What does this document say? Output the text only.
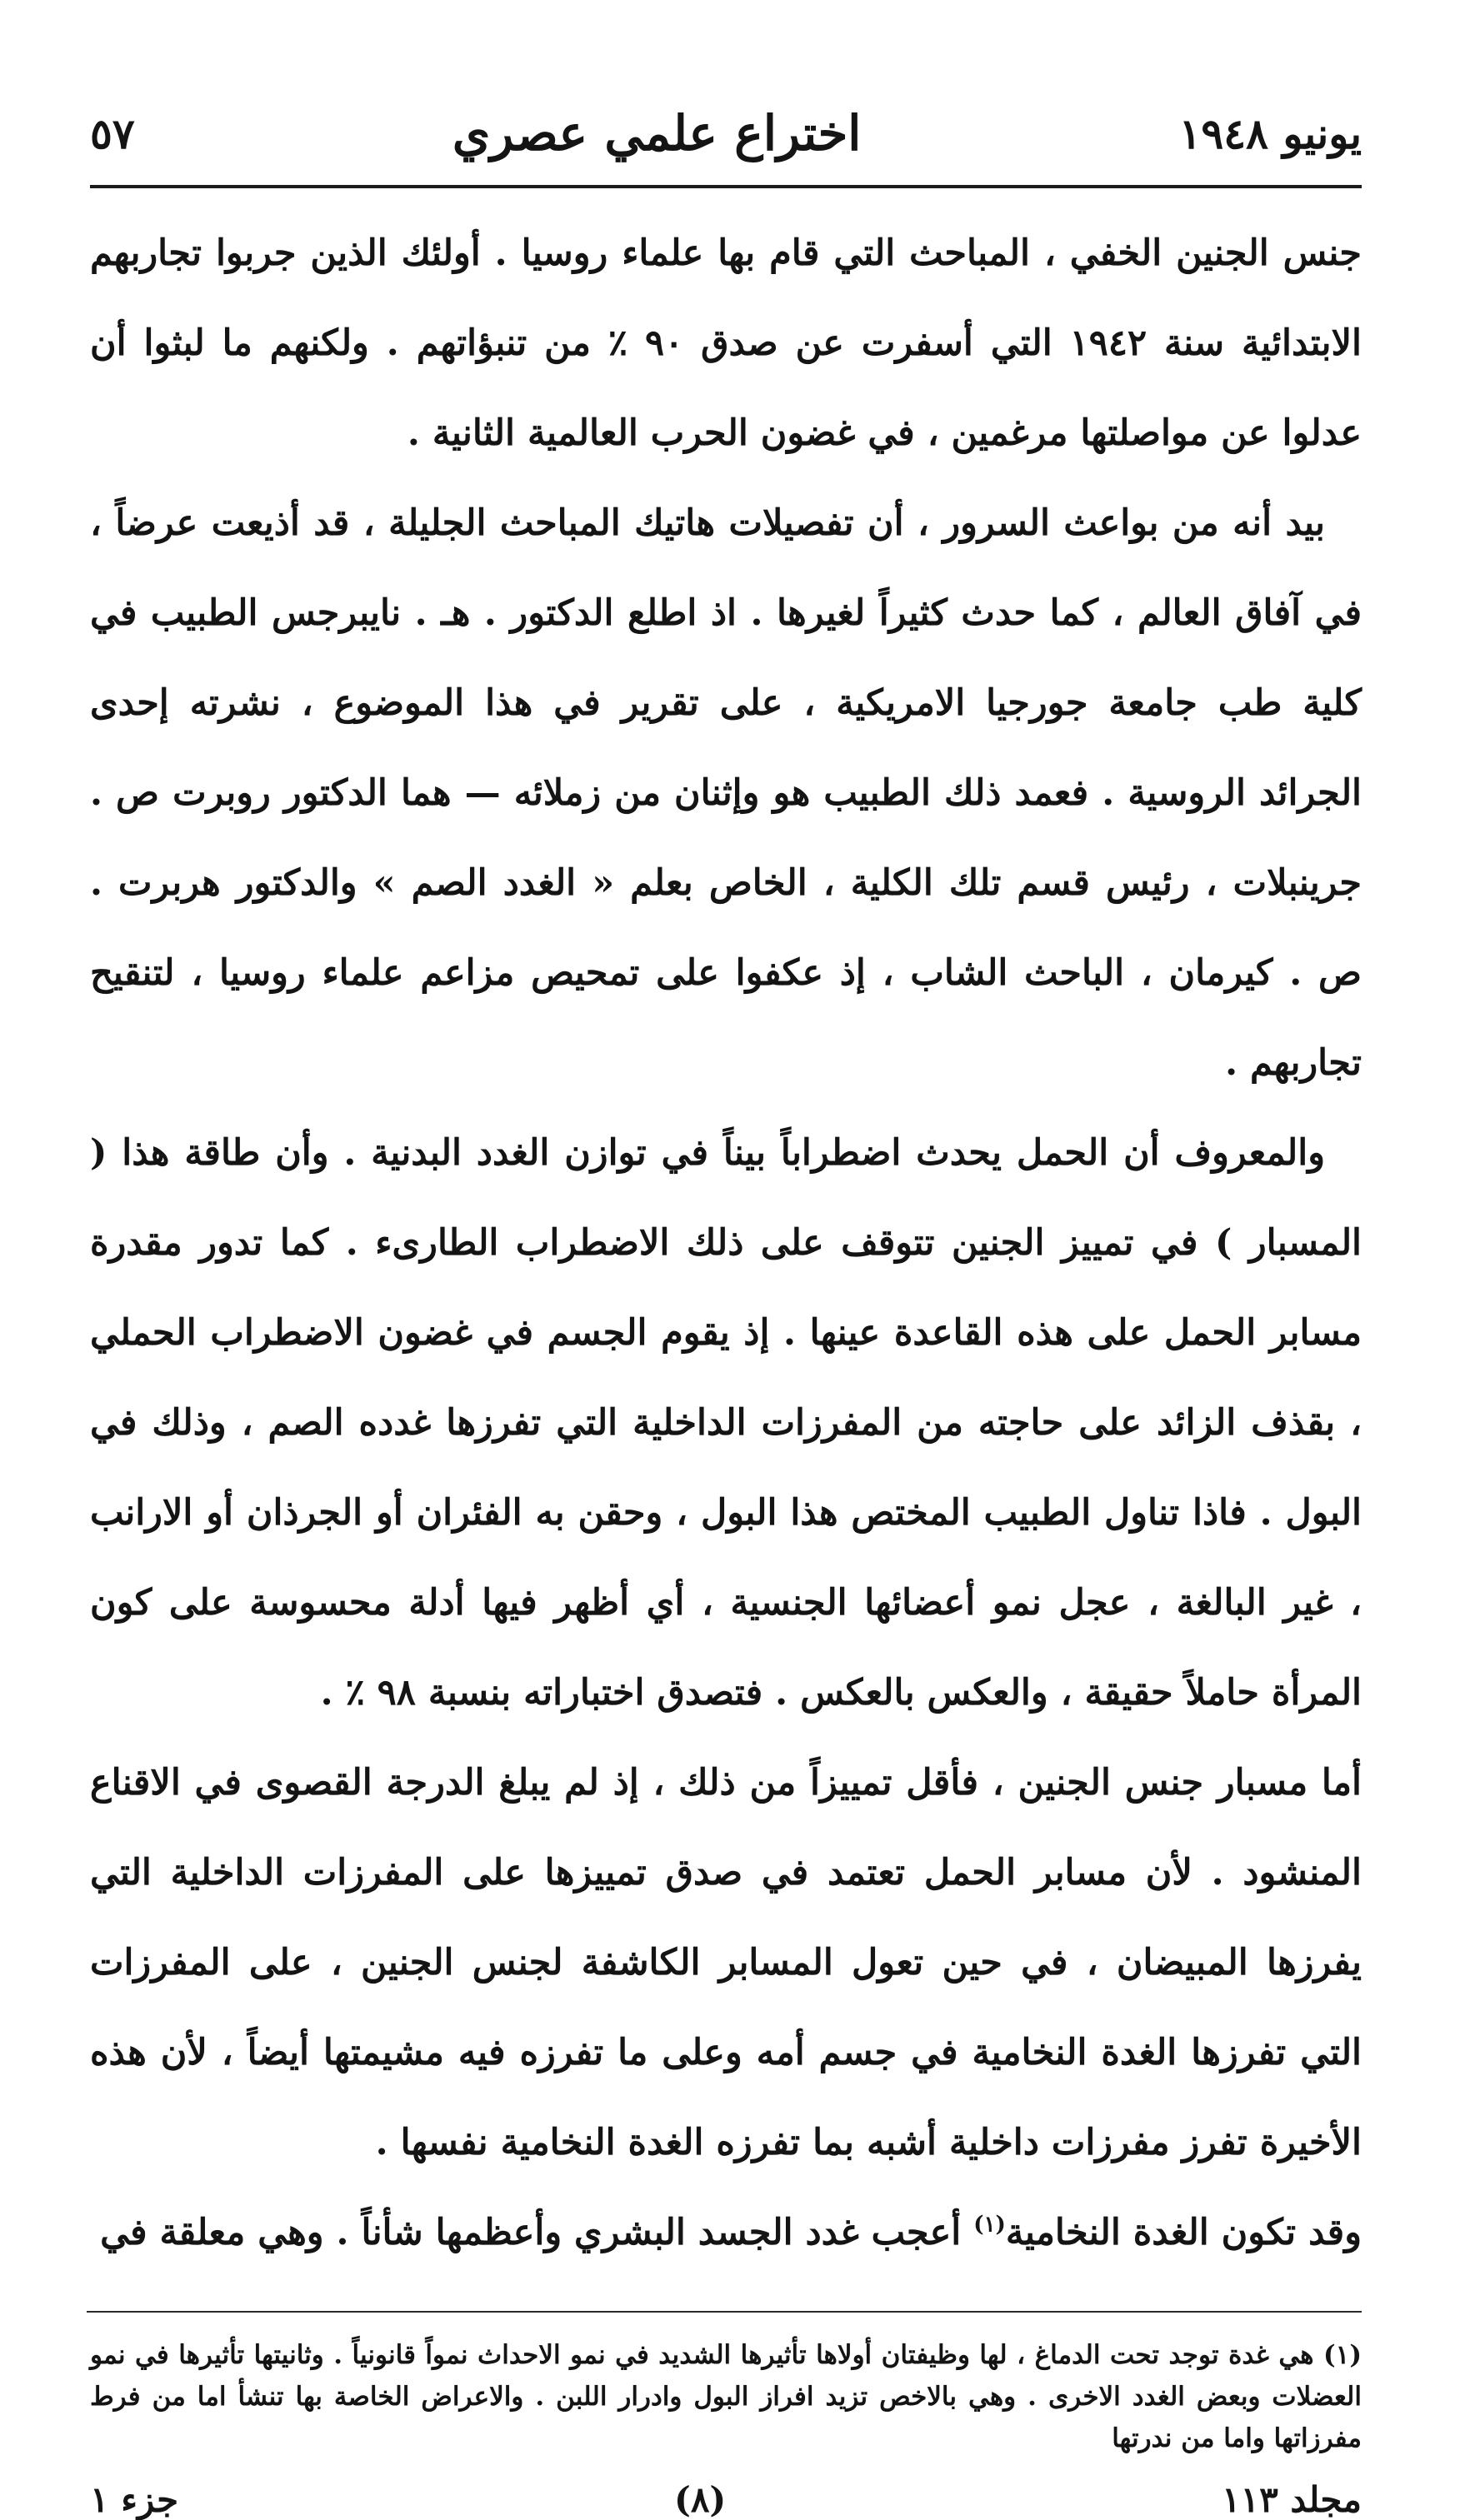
يونيو ١٩٤٨
اختراع علمي عصري
٥٧

جنس الجنين الخفي ، المباحث التي قام بها علماء روسيا . أولئك الذين جربوا تجاربهم الابتدائية سنة ١٩٤٢ التي أسفرت عن صدق ٩٠ ٪ من تنبؤاتهم . ولكنهم ما لبثوا أن عدلوا عن مواصلتها مرغمين ، في غضون الحرب العالمية الثانية .

بيد أنه من بواعث السرور ، أن تفصيلات هاتيك المباحث الجليلة ، قد أذيعت عرضاً ، في آفاق العالم ، كما حدث كثيراً لغيرها . اذ اطلع الدكتور . هـ . نايبرجس الطبيب في كلية طب جامعة جورجيا الامريكية ، على تقرير في هذا الموضوع ، نشرته إحدى الجرائد الروسية . فعمد ذلك الطبيب هو وإثنان من زملائه — هما الدكتور روبرت ص . جرينبلات ، رئيس قسم تلك الكلية ، الخاص بعلم « الغدد الصم » والدكتور هربرت . ص . كيرمان ، الباحث الشاب ، إذ عكفوا على تمحيص مزاعم علماء روسيا ، لتنقيح تجاربهم .

والمعروف أن الحمل يحدث اضطراباً بيناً في توازن الغدد البدنية . وأن طاقة هذا ( المسبار ) في تمييز الجنين تتوقف على ذلك الاضطراب الطارىء . كما تدور مقدرة مسابر الحمل على هذه القاعدة عينها . إذ يقوم الجسم في غضون الاضطراب الحملي ، بقذف الزائد على حاجته من المفرزات الداخلية التي تفرزها غدده الصم ، وذلك في البول . فاذا تناول الطبيب المختص هذا البول ، وحقن به الفئران أو الجرذان أو الارانب ، غير البالغة ، عجل نمو أعضائها الجنسية ، أي أظهر فيها أدلة محسوسة على كون المرأة حاملاً حقيقة ، والعكس بالعكس . فتصدق اختباراته بنسبة ٩٨ ٪ .

أما مسبار جنس الجنين ، فأقل تمييزاً من ذلك ، إذ لم يبلغ الدرجة القصوى في الاقناع المنشود . لأن مسابر الحمل تعتمد في صدق تمييزها على المفرزات الداخلية التي يفرزها المبيضان ، في حين تعول المسابر الكاشفة لجنس الجنين ، على المفرزات التي تفرزها الغدة النخامية في جسم أمه وعلى ما تفرزه فيه مشيمتها أيضاً ، لأن هذه الأخيرة تفرز مفرزات داخلية أشبه بما تفرزه الغدة النخامية نفسها .

وقد تكون الغدة النخامية$^{(١)}$ أعجب غدد الجسد البشري وأعظمها شأناً . وهي معلقة في

(١) هي غدة توجد تحت الدماغ ، لها وظيفتان أولاها تأثيرها الشديد في نمو الاحداث نمواً قانونياً . وثانيتها تأثيرها في نمو العضلات وبعض الغدد الاخرى . وهي بالاخص تزيد افراز البول وادرار اللبن . والاعراض الخاصة بها تنشأ اما من فرط مفرزاتها واما من ندرتها
مجلد ١١٣
(٨)
جزء ١
